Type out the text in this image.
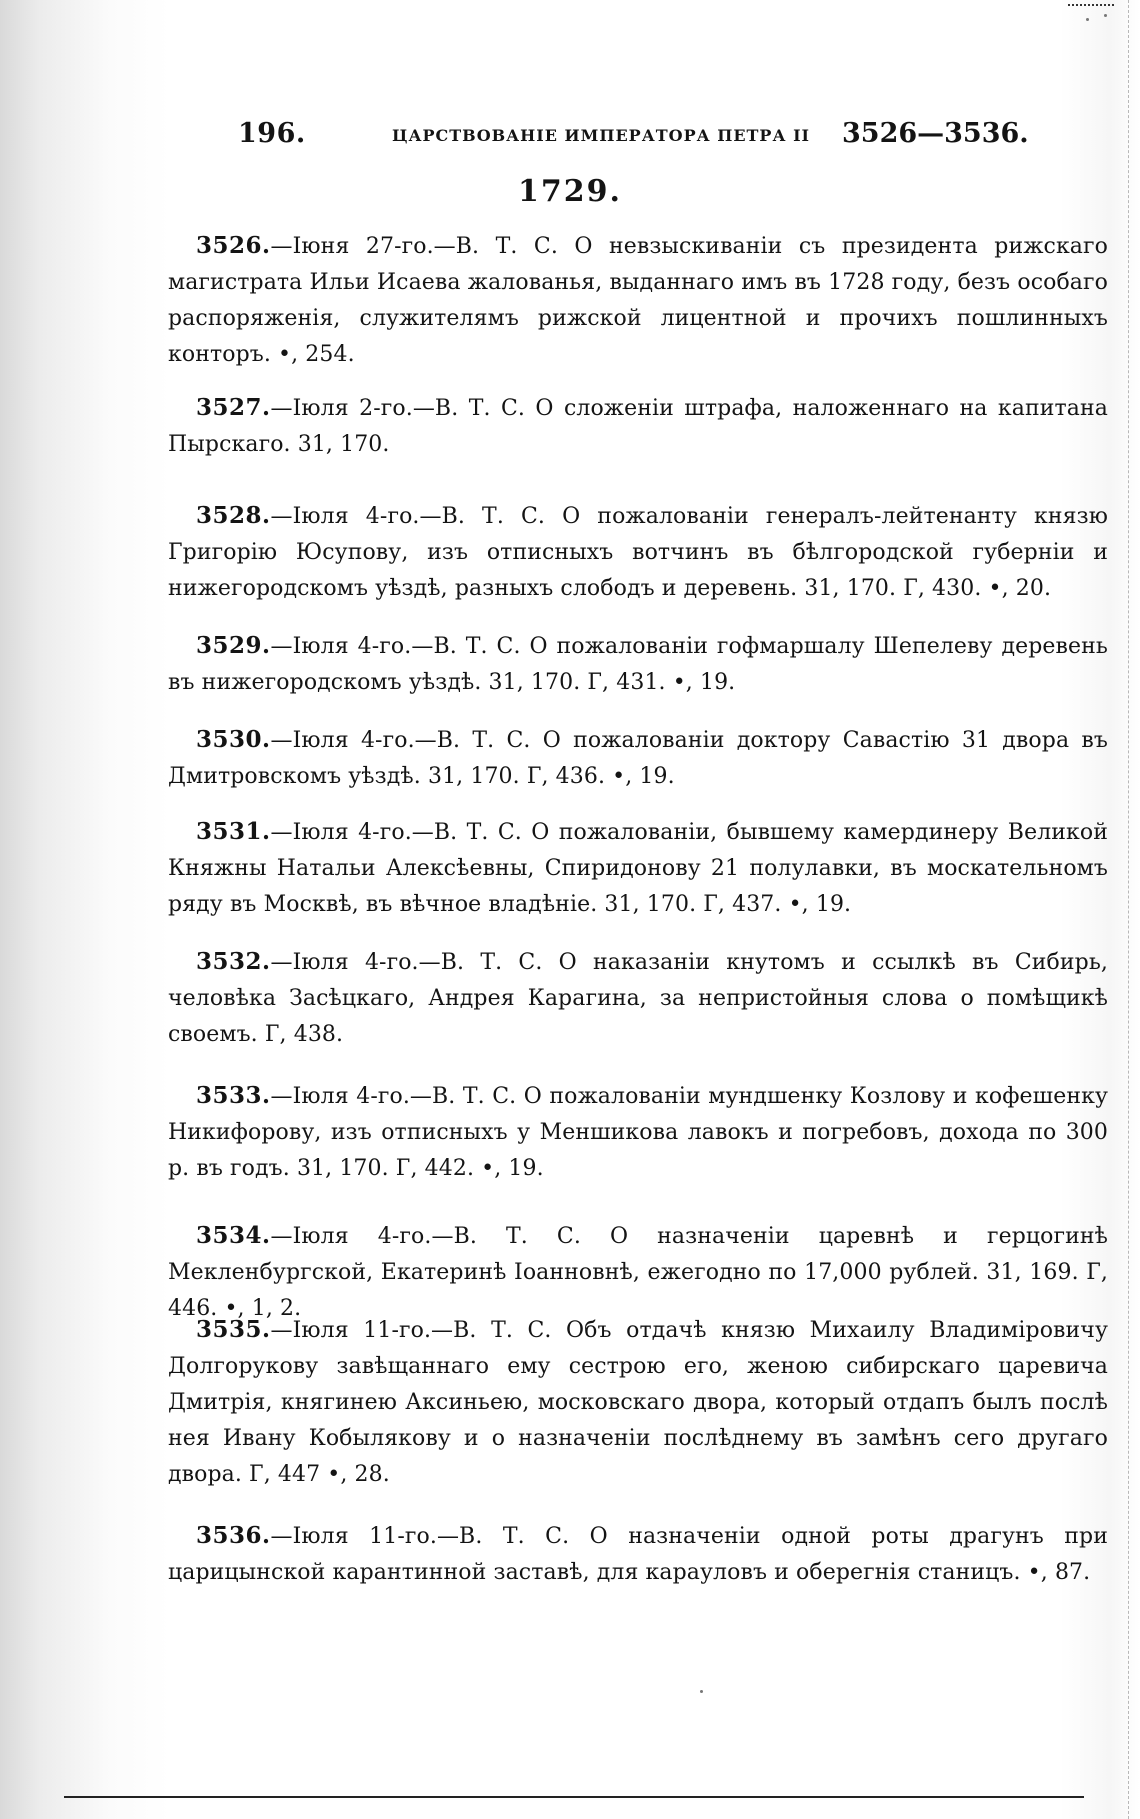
196.	ЦАРСТВОВАНІЕ ИМПЕРАТОРА ПЕТРА II 3526—3536.
1729.

3526.—Іюня 27-го.—В. Т. С. О невзыскиваніи съ президента рижскаго магистрата Ильи Исаева жалованья, выданнаго имъ въ 1728 году, безъ особаго распоряженія, служителямъ рижской лицентной и прочихъ пошлинныхъ конторъ. •, 254.

3527.—Іюля 2-го.—В. Т. С. О сложеніи штрафа, наложеннаго на капитана Пырскаго. 31, 170.

3528.—Іюля 4-го.—В. Т. С. О пожалованіи генералъ-лейтенанту князю Григорію Юсупову, изъ отписныхъ вотчинъ въ бѣлгородской губерніи и нижегородскомъ уѣздѣ, разныхъ слободъ и деревень. 31, 170. Г, 430. •, 20.

3529.—Іюля 4-го.—В. Т. С. О пожалованіи гофмаршалу Шепелеву деревень въ нижегородскомъ уѣздѣ. 31, 170. Г, 431. •, 19.

3530.—Іюля 4-го.—В. Т. С. О пожалованіи доктору Савастію 31 двора въ Дмитровскомъ уѣздѣ. 31, 170. Г, 436. •, 19.

3531.—Іюля 4-го.—В. Т. С. О пожалованіи, бывшему камердинеру Великой Княжны Натальи Алексѣевны, Спиридонову 21 полулавки, въ москательномъ ряду въ Москвѣ, въ вѣчное владѣніе. 31, 170. Г, 437. •, 19.

3532.—Іюля 4-го.—В. Т. С. О наказаніи кнутомъ и ссылкѣ въ Сибирь, человѣка Засѣцкаго, Андрея Карагина, за непристойныя слова о помѣщикѣ своемъ. Г, 438.

3533.—Іюля 4-го.—В. Т. С. О пожалованіи мундшенку Козлову и кофешенку Никифорову, изъ отписныхъ у Меншикова лавокъ и погребовъ, дохода по 300 р. въ годъ. 31, 170. Г, 442. •, 19.

3534.—Іюля 4-го.—В. Т. С. О назначеніи царевнѣ и герцогинѣ Мекленбургской, Екатеринѣ Іоанновнѣ, ежегодно по 17,000 рублей. 31, 169. Г, 446. •, 1, 2.

3535.—Іюля 11-го.—В. Т. С. Объ отдачѣ князю Михаилу Владиміровичу Долгорукову завѣщаннаго ему сестрою его, женою сибирскаго царевича Дмитрія, княгинею Аксиньею, московскаго двора, который отдапъ былъ послѣ нея Ивану Кобылякову и о назначеніи послѣднему въ замѣнъ сего другаго двора. Г, 447 •, 28.

3536.—Іюля 11-го.—В. Т. С. О назначеніи одной роты драгунъ при царицынской карантинной заставѣ, для карауловъ и оберегнія станицъ. •, 87.
